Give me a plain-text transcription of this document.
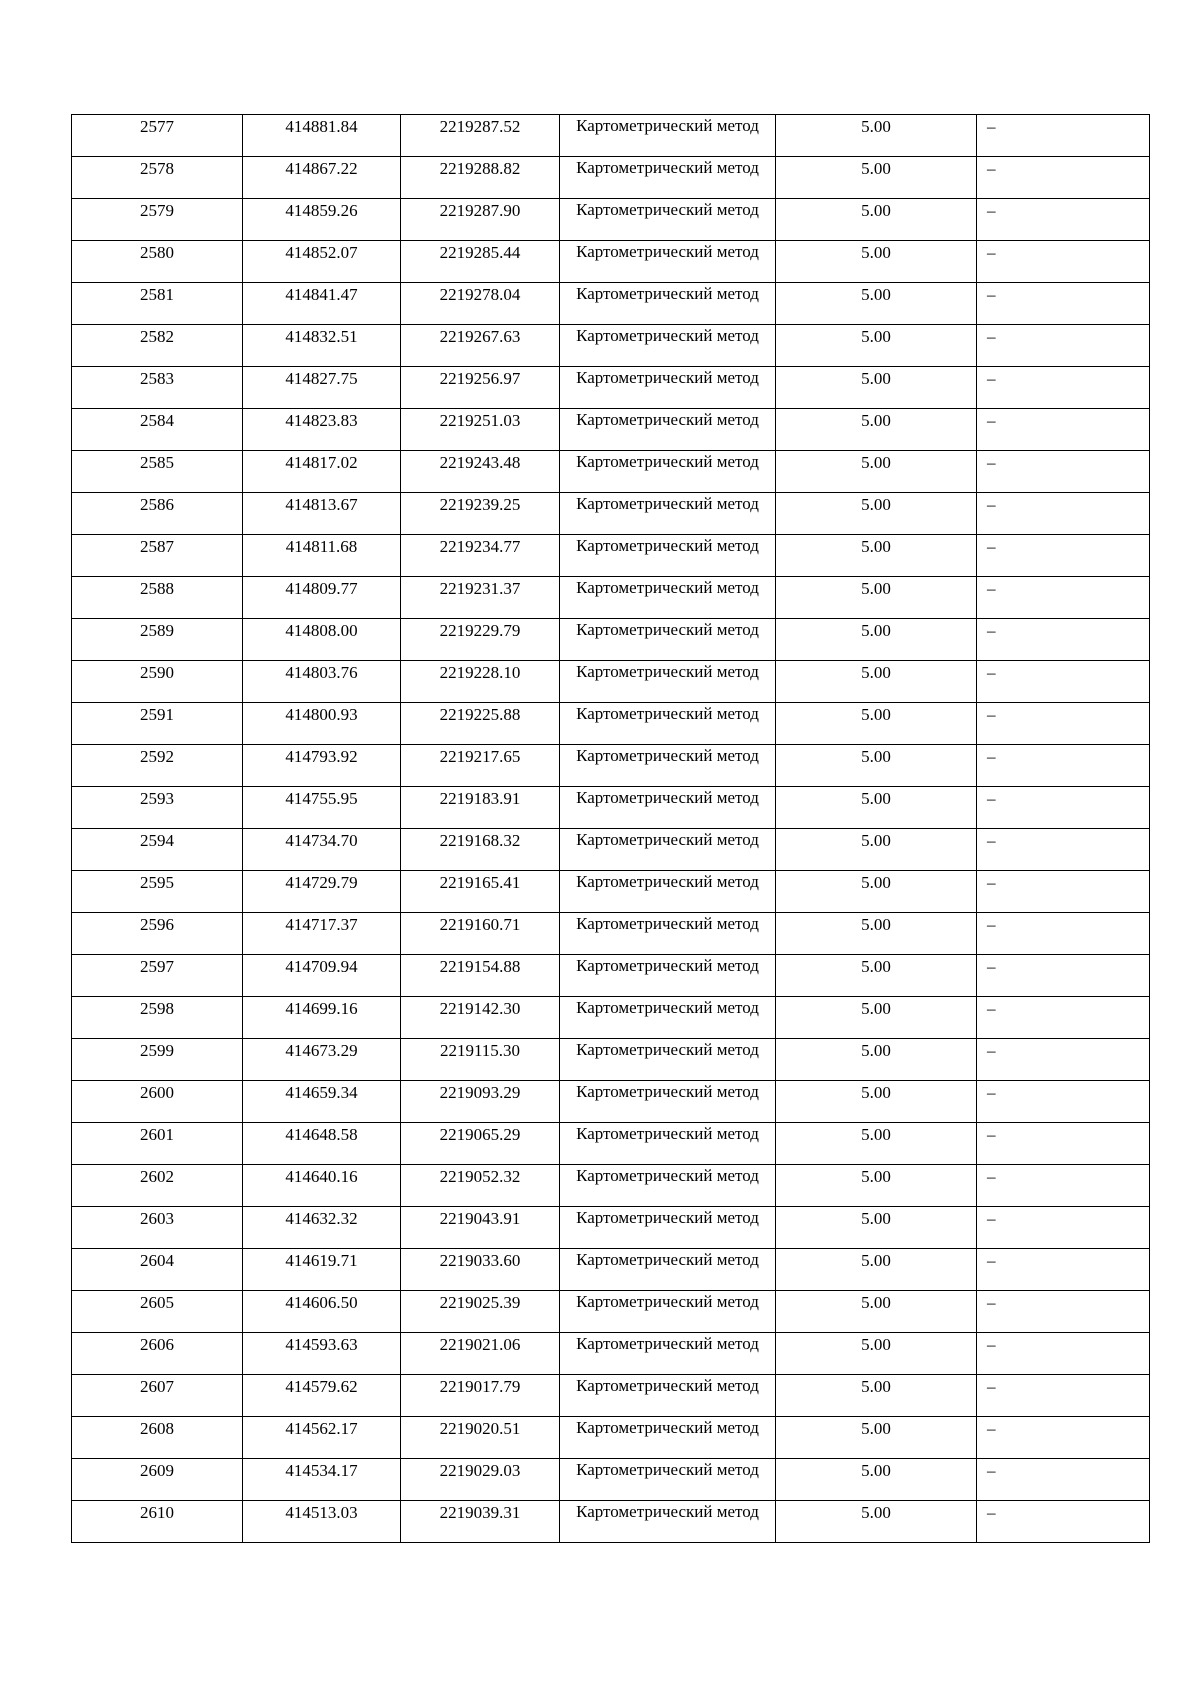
2577	414881.84	2219287.52	Картометрический метод	5.00	–

2578	414867.22	2219288.82	Картометрический метод	5.00	–

2579	414859.26	2219287.90	Картометрический метод	5.00	–

2580	414852.07	2219285.44	Картометрический метод	5.00	–

2581	414841.47	2219278.04	Картометрический метод	5.00	–

2582	414832.51	2219267.63	Картометрический метод	5.00	–

2583	414827.75	2219256.97	Картометрический метод	5.00	–

2584	414823.83	2219251.03	Картометрический метод	5.00	–

2585	414817.02	2219243.48	Картометрический метод	5.00	–

2586	414813.67	2219239.25	Картометрический метод	5.00	–

2587	414811.68	2219234.77	Картометрический метод	5.00	–

2588	414809.77	2219231.37	Картометрический метод	5.00	–

2589	414808.00	2219229.79	Картометрический метод	5.00	–

2590	414803.76	2219228.10	Картометрический метод	5.00	–

2591	414800.93	2219225.88	Картометрический метод	5.00	–

2592	414793.92	2219217.65	Картометрический метод	5.00	–

2593	414755.95	2219183.91	Картометрический метод	5.00	–

2594	414734.70	2219168.32	Картометрический метод	5.00	–

2595	414729.79	2219165.41	Картометрический метод	5.00	–

2596	414717.37	2219160.71	Картометрический метод	5.00	–

2597	414709.94	2219154.88	Картометрический метод	5.00	–

2598	414699.16	2219142.30	Картометрический метод	5.00	–

2599	414673.29	2219115.30	Картометрический метод	5.00	–

2600	414659.34	2219093.29	Картометрический метод	5.00	–

2601	414648.58	2219065.29	Картометрический метод	5.00	–

2602	414640.16	2219052.32	Картометрический метод	5.00	–

2603	414632.32	2219043.91	Картометрический метод	5.00	–

2604	414619.71	2219033.60	Картометрический метод	5.00	–

2605	414606.50	2219025.39	Картометрический метод	5.00	–

2606	414593.63	2219021.06	Картометрический метод	5.00	–

2607	414579.62	2219017.79	Картометрический метод	5.00	–

2608	414562.17	2219020.51	Картометрический метод	5.00	–

2609	414534.17	2219029.03	Картометрический метод	5.00	–

2610	414513.03	2219039.31	Картометрический метод	5.00	–
